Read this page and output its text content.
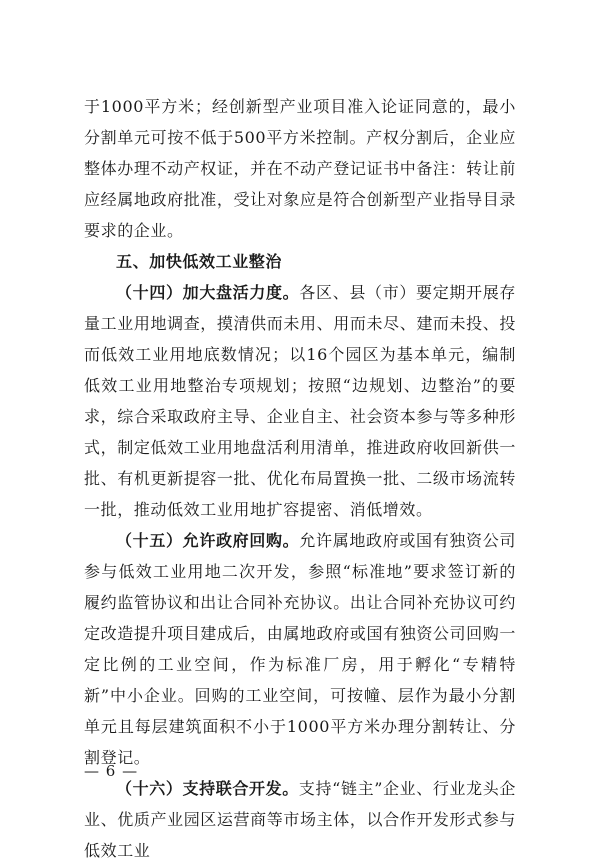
于1000平方米；经创新型产业项目准入论证同意的，最小分割单元可按不低于500平方米控制。产权分割后，企业应整体办理不动产权证，并在不动产登记证书中备注：转让前应经属地政府批准，受让对象应是符合创新型产业指导目录要求的企业。

五、加快低效工业整治

（十四）加大盘活力度。各区、县（市）要定期开展存量工业用地调查，摸清供而未用、用而未尽、建而未投、投而低效工业用地底数情况；以16个园区为基本单元，编制低效工业用地整治专项规划；按照“边规划、边整治”的要求，综合采取政府主导、企业自主、社会资本参与等多种形式，制定低效工业用地盘活利用清单，推进政府收回新供一批、有机更新提容一批、优化布局置换一批、二级市场流转一批，推动低效工业用地扩容提密、消低增效。

（十五）允许政府回购。允许属地政府或国有独资公司参与低效工业用地二次开发，参照“标准地”要求签订新的履约监管协议和出让合同补充协议。出让合同补充协议可约定改造提升项目建成后，由属地政府或国有独资公司回购一定比例的工业空间，作为标准厂房，用于孵化“专精特新”中小企业。回购的工业空间，可按幢、层作为最小分割单元且每层建筑面积不小于1000平方米办理分割转让、分割登记。

（十六）支持联合开发。支持“链主”企业、行业龙头企业、优质产业园区运营商等市场主体，以合作开发形式参与低效工业

— 6 —
